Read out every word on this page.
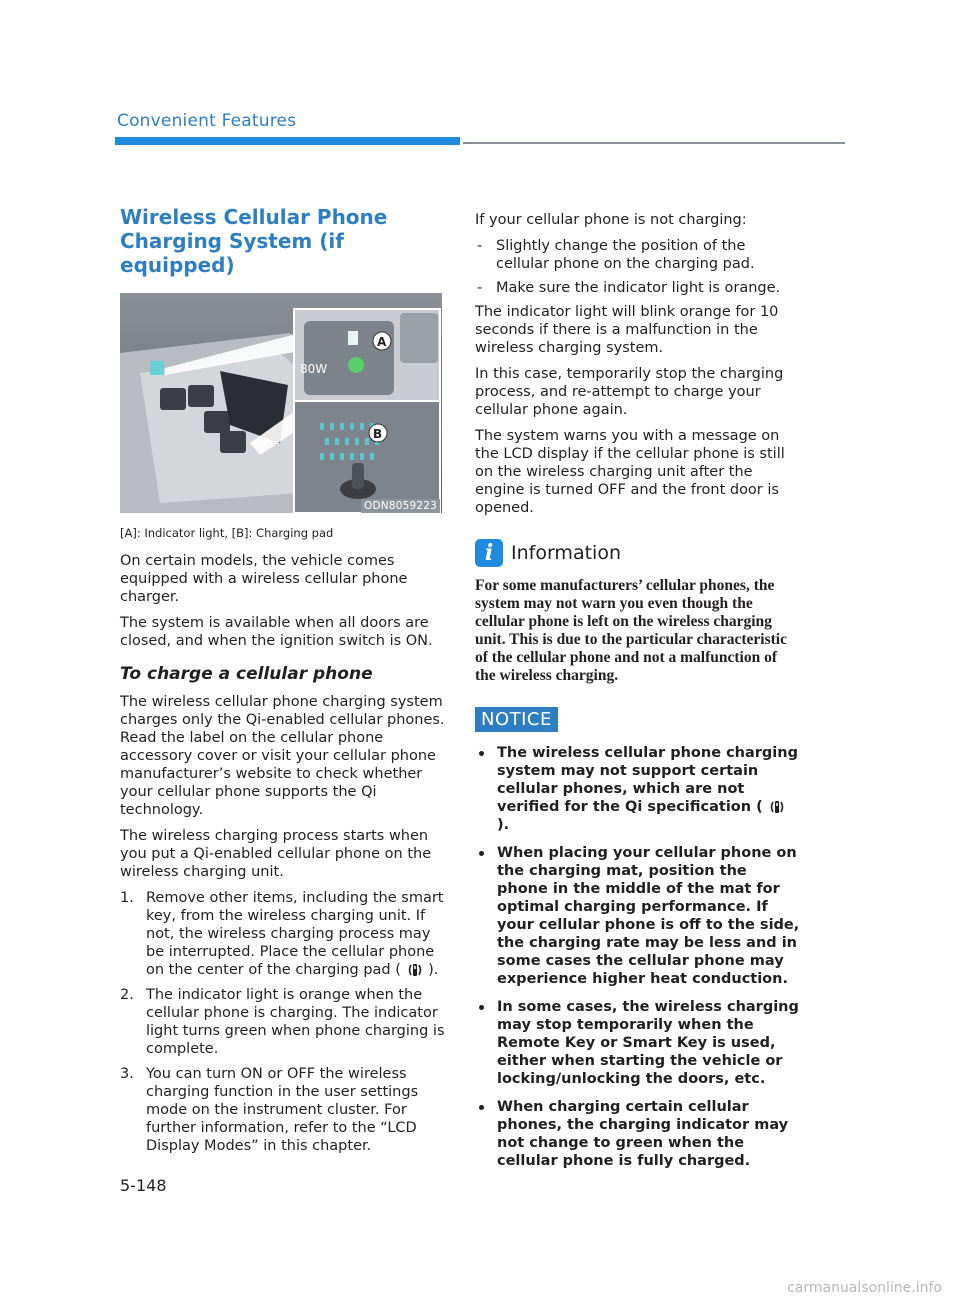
Convenient Features
Wireless Cellular Phone
Charging System (if equipped)
80W
A
B
ODN8059223
[A]: Indicator light, [B]: Charging pad

On certain models, the vehicle comes equipped with a wireless cellular phone charger.

The system is available when all doors are closed, and when the ignition switch is ON.

To charge a cellular phone

The wireless cellular phone charging system charges only the Qi-enabled cellular phones. Read the label on the cellular phone accessory cover or visit your cellular phone manufacturer’s website to check whether your cellular phone supports the Qi technology.

The wireless charging process starts when you put a Qi-enabled cellular phone on the wireless charging unit.

1. Remove other items, including the smart key, from the wireless charging unit. If not, the wireless charging process may be interrupted. Place the cellular phone on the center of the charging pad ( ).
2. The indicator light is orange when the cellular phone is charging. The indicator light turns green when phone charging is complete.
3. You can turn ON or OFF the wireless charging function in the user settings mode on the instrument cluster. For further information, refer to the “LCD Display Modes” in this chapter.

If your cellular phone is not charging:

- Slightly change the position of the cellular phone on the charging pad.
- Make sure the indicator light is orange.

The indicator light will blink orange for 10 seconds if there is a malfunction in the wireless charging system.

In this case, temporarily stop the charging process, and re-attempt to charge your cellular phone again.

The system warns you with a message on the LCD display if the cellular phone is still on the wireless charging unit after the engine is turned OFF and the front door is opened.

i Information
For some manufacturers’ cellular phones, the system may not warn you even though the cellular phone is left on the wireless charging unit. This is due to the particular characteristic of the cellular phone and not a malfunction of the wireless charging.
NOTICE
The wireless cellular phone charging system may not support certain cellular phones, which are not verified for the Qi specification (  ).
When placing your cellular phone on the charging mat, position the phone in the middle of the mat for optimal charging performance. If your cellular phone is off to the side, the charging rate may be less and in some cases the cellular phone may experience higher heat conduction.
In some cases, the wireless charging may stop temporarily when the Remote Key or Smart Key is used, either when starting the vehicle or locking/unlocking the doors, etc.
When charging certain cellular phones, the charging indicator may not change to green when the cellular phone is fully charged.
5-148
carmanualsonline.info
